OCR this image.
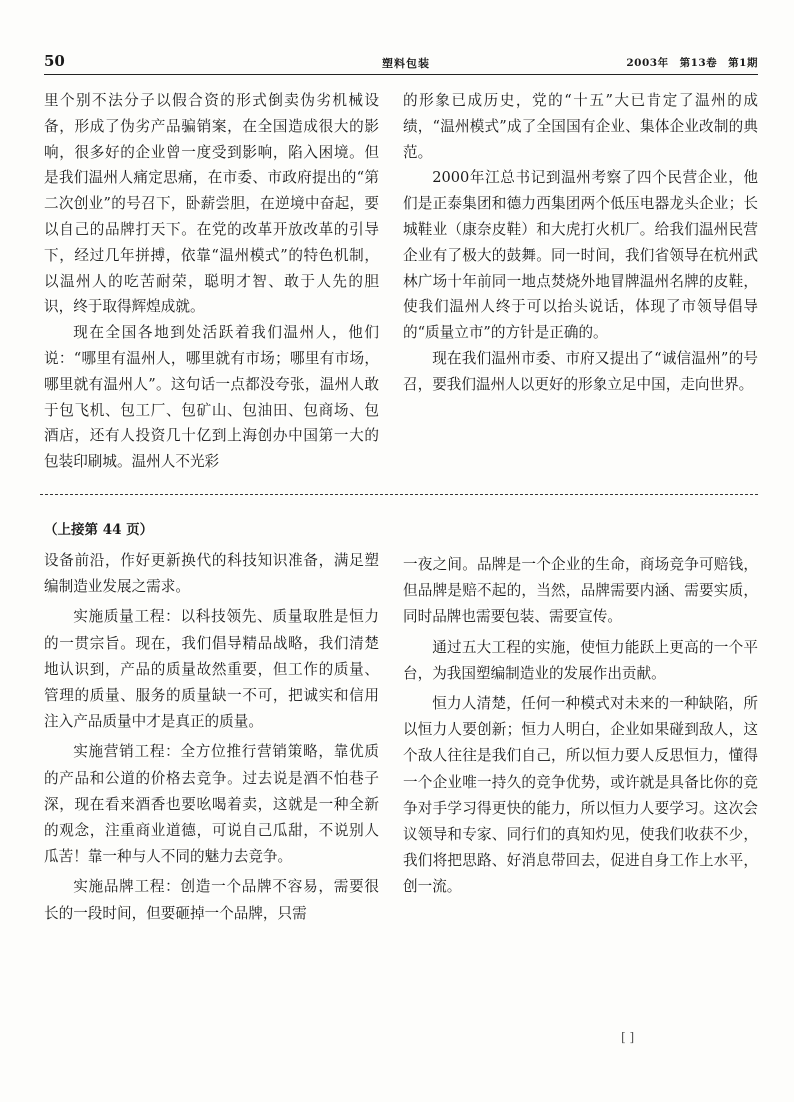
50	塑料包装	2003年　第13卷　第1期

里个别不法分子以假合资的形式倒卖伪劣机械设备，形成了伪劣产品骗销案，在全国造成很大的影响，很多好的企业曾一度受到影响，陷入困境。但是我们温州人痛定思痛，在市委、市政府提出的“第二次创业”的号召下，卧薪尝胆，在逆境中奋起，要以自己的品牌打天下。在党的改革开放改革的引导下，经过几年拼搏，依靠“温州模式”的特色机制，以温州人的吃苦耐荣，聪明才智、敢于人先的胆识，终于取得辉煌成就。

现在全国各地到处活跃着我们温州人，他们说：“哪里有温州人，哪里就有市场；哪里有市场，哪里就有温州人”。这句话一点都没夸张，温州人敢于包飞机、包工厂、包矿山、包油田、包商场、包酒店，还有人投资几十亿到上海创办中国第一大的包装印刷城。温州人不光彩

的形象已成历史，党的“十五”大已肯定了温州的成绩，“温州模式”成了全国国有企业、集体企业改制的典范。

2000年江总书记到温州考察了四个民营企业，他们是正泰集团和德力西集团两个低压电器龙头企业；长城鞋业（康奈皮鞋）和大虎打火机厂。给我们温州民营企业有了极大的鼓舞。同一时间，我们省领导在杭州武林广场十年前同一地点焚烧外地冒牌温州名牌的皮鞋，使我们温州人终于可以抬头说话，体现了市领导倡导的“质量立市”的方针是正确的。

现在我们温州市委、市府又提出了“诚信温州”的号召，要我们温州人以更好的形象立足中国，走向世界。

（上接第 44 页）

设备前沿，作好更新换代的科技知识准备，满足塑编制造业发展之需求。

实施质量工程：以科技领先、质量取胜是恒力的一贯宗旨。现在，我们倡导精品战略，我们清楚地认识到，产品的质量故然重要，但工作的质量、管理的质量、服务的质量缺一不可，把诚实和信用注入产品质量中才是真正的质量。

实施营销工程：全方位推行营销策略，靠优质的产品和公道的价格去竞争。过去说是酒不怕巷子深，现在看来酒香也要吆喝着卖，这就是一种全新的观念，注重商业道德，可说自己瓜甜，不说别人瓜苦！靠一种与人不同的魅力去竞争。

实施品牌工程：创造一个品牌不容易，需要很长的一段时间，但要砸掉一个品牌，只需

一夜之间。品牌是一个企业的生命，商场竞争可赔钱，但品牌是赔不起的，当然，品牌需要内涵、需要实质，同时品牌也需要包装、需要宣传。

通过五大工程的实施，使恒力能跃上更高的一个平台，为我国塑编制造业的发展作出贡献。

恒力人清楚，任何一种模式对未来的一种缺陷，所以恒力人要创新；恒力人明白，企业如果碰到敌人，这个敌人往往是我们自己，所以恒力要人反思恒力，懂得一个企业唯一持久的竞争优势，或许就是具备比你的竞争对手学习得更快的能力，所以恒力人要学习。这次会议领导和专家、同行们的真知灼见，使我们收获不少，我们将把思路、好消息带回去，促进自身工作上水平，创一流。

[ ]
